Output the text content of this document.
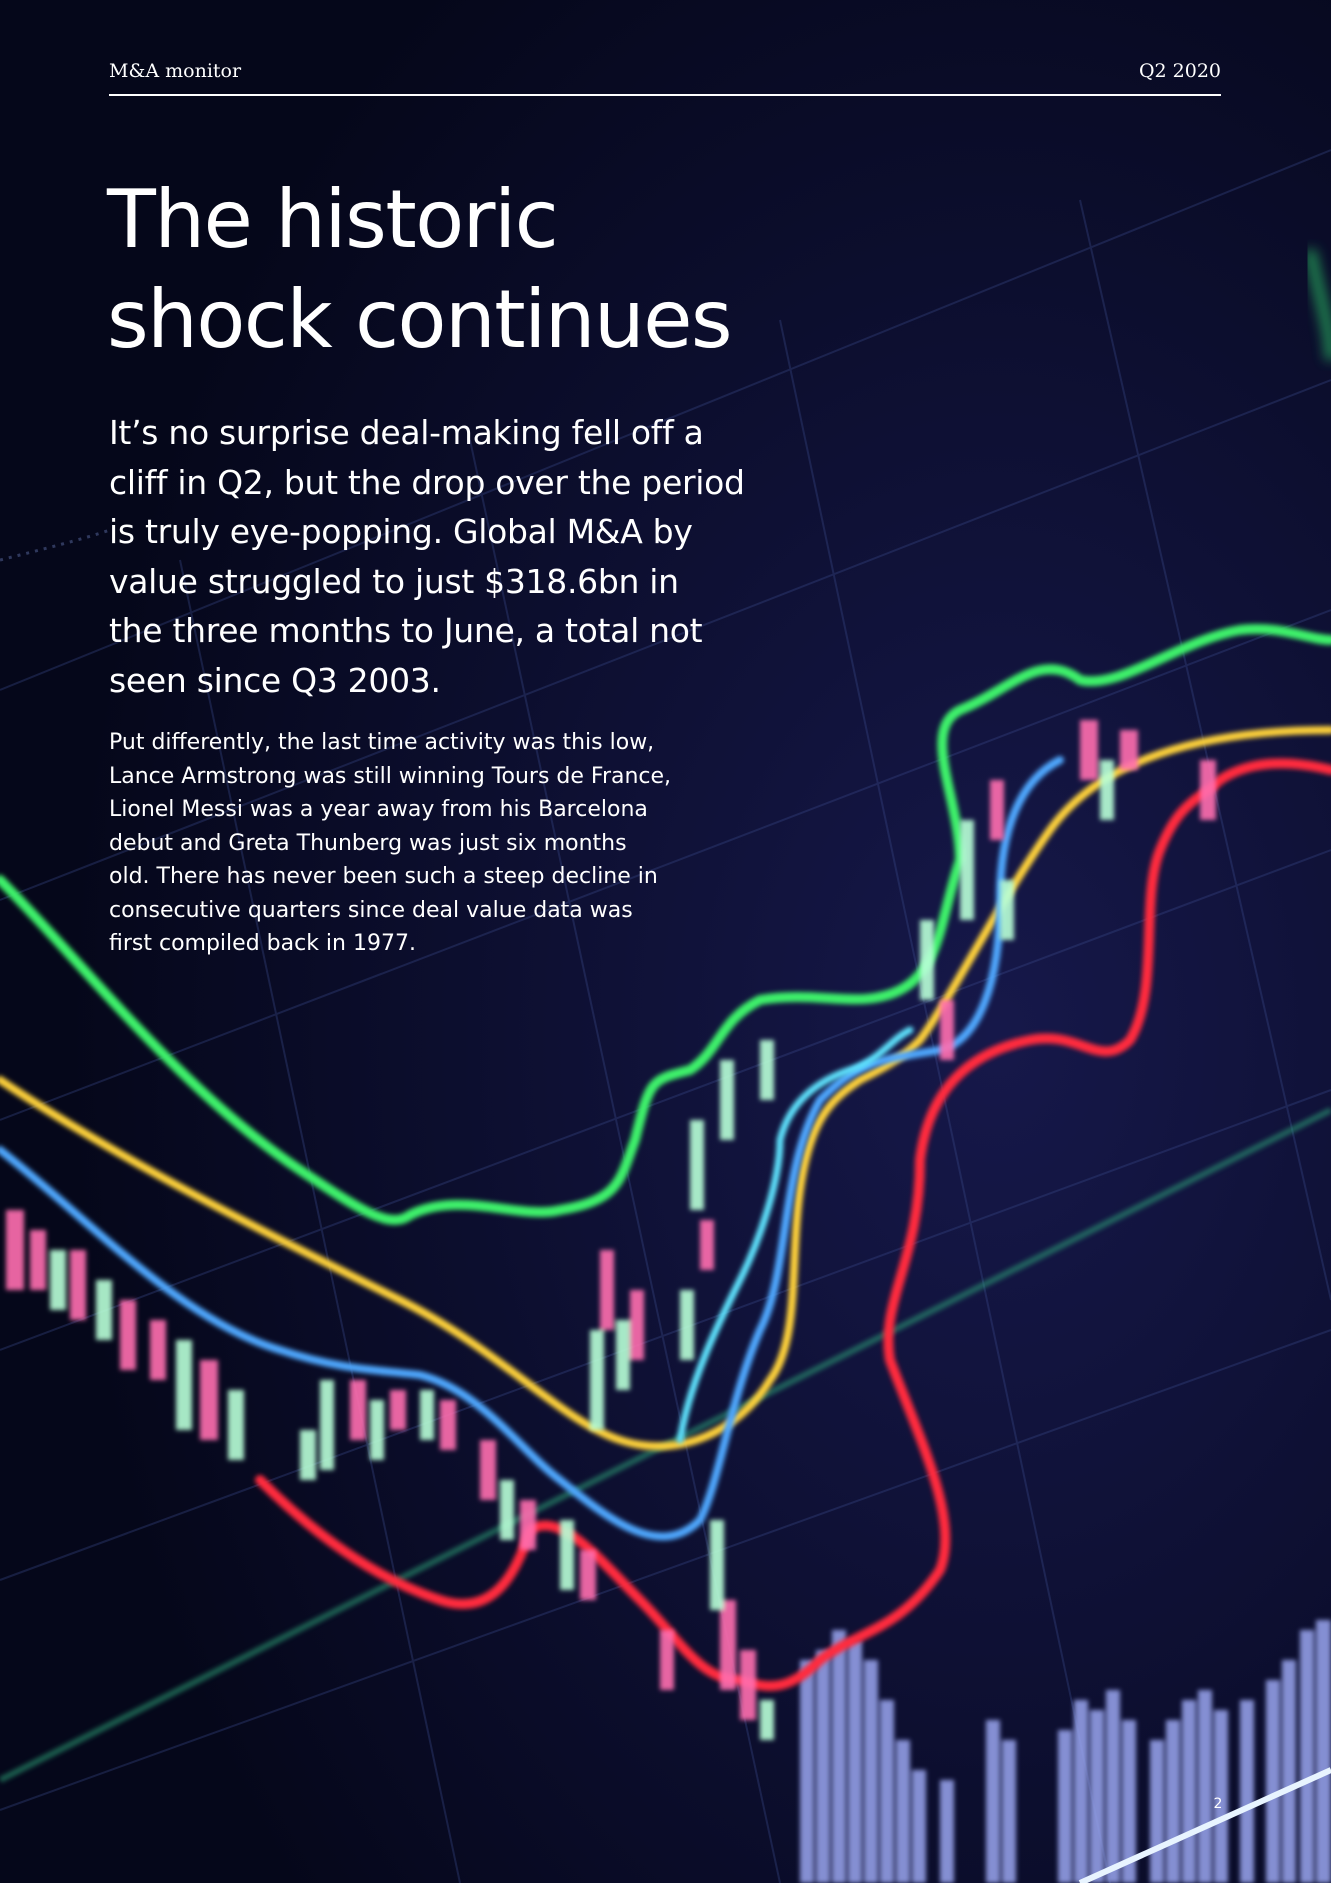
M&A monitor	Q2 2020
The historic
shock continues

It’s no surprise deal-making fell off a
cliff in Q2, but the drop over the period
is truly eye-popping. Global M&A by
value struggled to just $318.6bn in
the three months to June, a total not
seen since Q3 2003.

Put differently, the last time activity was this low,
Lance Armstrong was still winning Tours de France,
Lionel Messi was a year away from his Barcelona
debut and Greta Thunberg was just six months
old. There has never been such a steep decline in
consecutive quarters since deal value data was
first compiled back in 1977.

2
